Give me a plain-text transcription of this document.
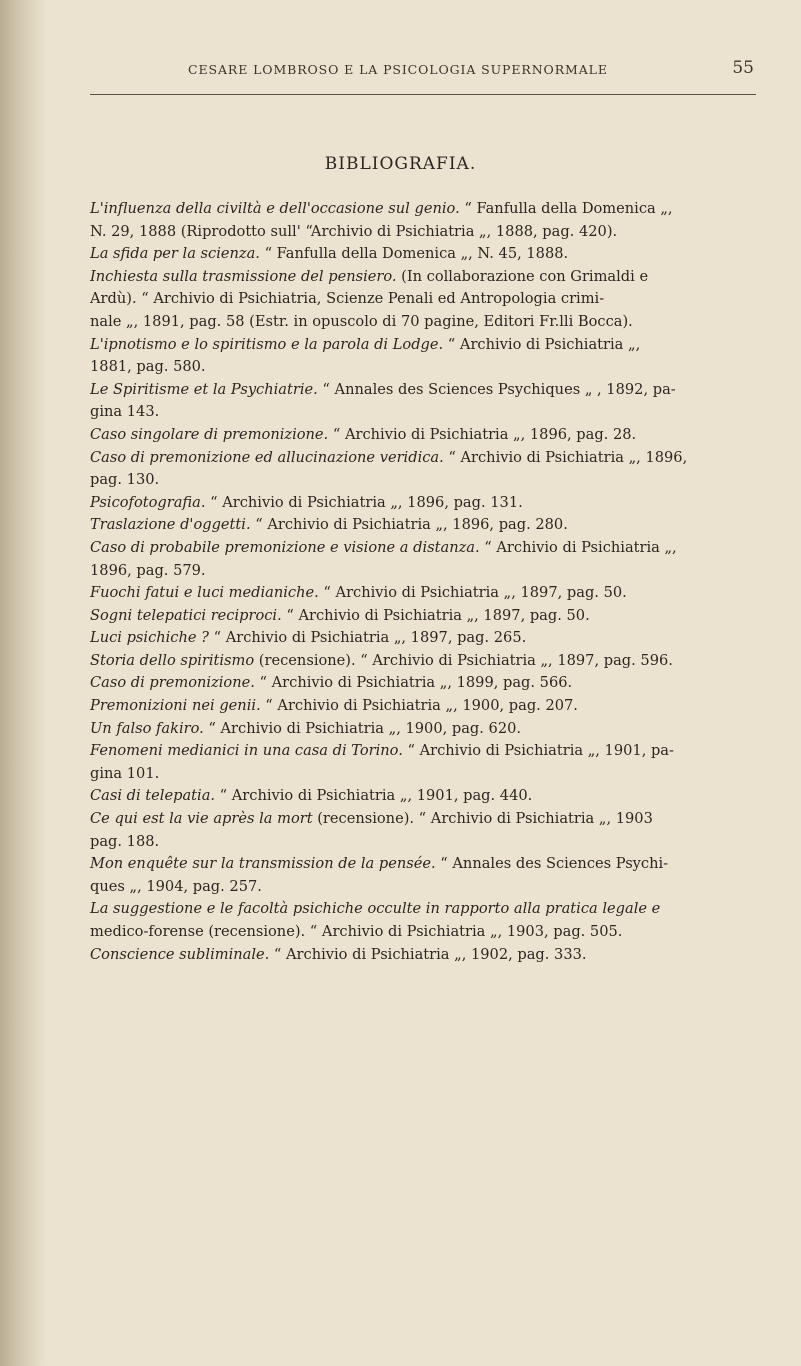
CESARE LOMBROSO E LA PSICOLOGIA SUPERNORMALE	55
BIBLIOGRAFIA.

L'influenza della civiltà e dell'occasione sul genio. “ Fanfulla della Domenica „,
N. 29, 1888 (Riprodotto sull' “Archivio di Psichiatria „, 1888, pag. 420).

La sfida per la scienza. “ Fanfulla della Domenica „, N. 45, 1888.

Inchiesta sulla trasmissione del pensiero. (In collaborazione con Grimaldi e
Ardù). “ Archivio di Psichiatria, Scienze Penali ed Antropologia crimi-
nale „, 1891, pag. 58 (Estr. in opuscolo di 70 pagine, Editori Fr.lli Bocca).

L'ipnotismo e lo spiritismo e la parola di Lodge. “ Archivio di Psichiatria „,
1881, pag. 580.

Le Spiritisme et la Psychiatrie. “ Annales des Sciences Psychiques „ , 1892, pa-
gina 143.

Caso singolare di premonizione. “ Archivio di Psichiatria „, 1896, pag. 28.

Caso di premonizione ed allucinazione veridica. “ Archivio di Psichiatria „, 1896,
pag. 130.

Psicofotografia. “ Archivio di Psichiatria „, 1896, pag. 131.

Traslazione d'oggetti. “ Archivio di Psichiatria „, 1896, pag. 280.

Caso di probabile premonizione e visione a distanza. “ Archivio di Psichiatria „,
1896, pag. 579.

Fuochi fatui e luci medianiche. “ Archivio di Psichiatria „, 1897, pag. 50.

Sogni telepatici reciproci. “ Archivio di Psichiatria „, 1897, pag. 50.

Luci psichiche ? “ Archivio di Psichiatria „, 1897, pag. 265.

Storia dello spiritismo (recensione). “ Archivio di Psichiatria „, 1897, pag. 596.

Caso di premonizione. “ Archivio di Psichiatria „, 1899, pag. 566.

Premonizioni nei genii. “ Archivio di Psichiatria „, 1900, pag. 207.

Un falso fakiro. “ Archivio di Psichiatria „, 1900, pag. 620.

Fenomeni medianici in una casa di Torino. “ Archivio di Psichiatria „, 1901, pa-
gina 101.

Casi di telepatia. “ Archivio di Psichiatria „, 1901, pag. 440.

Ce qui est la vie après la mort (recensione). “ Archivio di Psichiatria „, 1903
pag. 188.

Mon enquête sur la transmission de la pensée. “ Annales des Sciences Psychi-
ques „, 1904, pag. 257.

La suggestione e le facoltà psichiche occulte in rapporto alla pratica legale e
medico-forense (recensione). “ Archivio di Psichiatria „, 1903, pag. 505.

Conscience subliminale. “ Archivio di Psichiatria „, 1902, pag. 333.
